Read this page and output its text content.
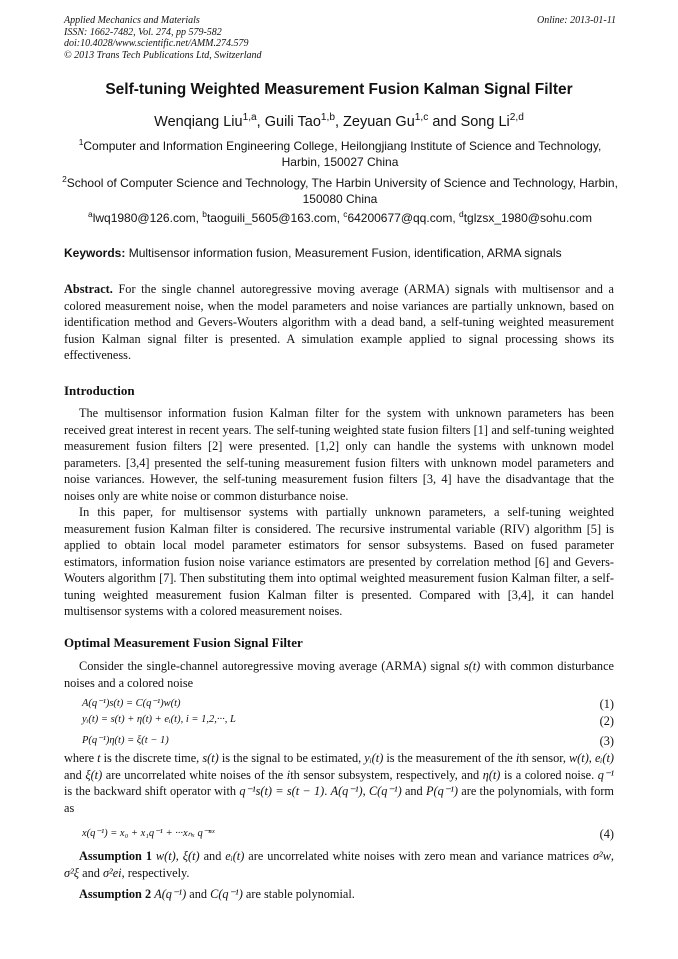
Applied Mechanics and Materials
ISSN: 1662-7482, Vol. 274, pp 579-582
doi:10.4028/www.scientific.net/AMM.274.579
© 2013 Trans Tech Publications Ltd, Switzerland
Online: 2013-01-11
Self-tuning Weighted Measurement Fusion Kalman Signal Filter
Wenqiang Liu$^{1,a}$, Guili Tao$^{1,b}$, Zeyuan Gu$^{1,c}$ and Song Li$^{2,d}$
$^1$Computer and Information Engineering College, Heilongjiang Institute of Science and Technology, Harbin, 150027 China
$^2$School of Computer Science and Technology, The Harbin University of Science and Technology, Harbin, 150080 China
$^a$lwq1980@126.com, $^b$taoguili_5605@163.com, $^c$64200677@qq.com, $^d$tglzsx_1980@sohu.com
Keywords: Multisensor information fusion, Measurement Fusion, identification, ARMA signals
Abstract. For the single channel autoregressive moving average (ARMA) signals with multisensor and a colored measurement noise, when the model parameters and noise variances are partially unknown, based on identification method and Gevers-Wouters algorithm with a dead band, a self-tuning weighted measurement fusion Kalman signal filter is presented. A simulation example applied to signal processing shows its effectiveness.
Introduction
The multisensor information fusion Kalman filter for the system with unknown parameters has been received great interest in recent years. The self-tuning weighted state fusion filters [1] and self-tuning weighted measurement fusion filters [2] were presented. [1,2] only can handle the systems with unknown model parameters. [3,4] presented the self-tuning measurement fusion filters with unknown model parameters and noise variances. However, the self-tuning measurement fusion filters [3, 4] have the disadvantage that the noises only are white noise or common disturbance noise.
In this paper, for multisensor systems with partially unknown parameters, a self-tuning weighted measurement fusion Kalman filter is considered. The recursive instrumental variable (RIV) algorithm [5] is applied to obtain local model parameter estimators for sensor subsystems. Based on fused parameter estimators, information fusion noise variance estimators are presented by correlation method [6] and Gevers-Wouters algorithm [7]. Then substituting them into optimal weighted measurement fusion Kalman filter, a self-tuning weighted measurement fusion Kalman filter is presented. Compared with [3,4], it can handel multisensor systems with a colored measurement noises.
Optimal Measurement Fusion Signal Filter
Consider the single-channel autoregressive moving average (ARMA) signal s(t) with common disturbance noises and a colored noise
A(q⁻¹)s(t) = C(q⁻¹)w(t)	(1)
yᵢ(t) = s(t) + η(t) + eᵢ(t), i = 1,2,···, L	(2)
P(q⁻¹)η(t) = ξ(t − 1)	(3)
where t is the discrete time, s(t) is the signal to be estimated, yᵢ(t) is the measurement of the ith sensor, w(t), eᵢ(t) and ξ(t) are uncorrelated white noises of the ith sensor subsystem, respectively, and η(t) is a colored noise. q⁻¹ is the backward shift operator with q⁻¹s(t) = s(t − 1). A(q⁻¹), C(q⁻¹) and P(q⁻¹) are the polynomials, with form as
x(q⁻¹) = x₀ + x₁q⁻¹ + ···xₙₓ q⁻ⁿˣ	(4)
Assumption 1 w(t), ξ(t) and eᵢ(t) are uncorrelated white noises with zero mean and variance matrices σ²w, σ²ξ and σ²ei, respectively.
Assumption 2 A(q⁻¹) and C(q⁻¹) are stable polynomial.
